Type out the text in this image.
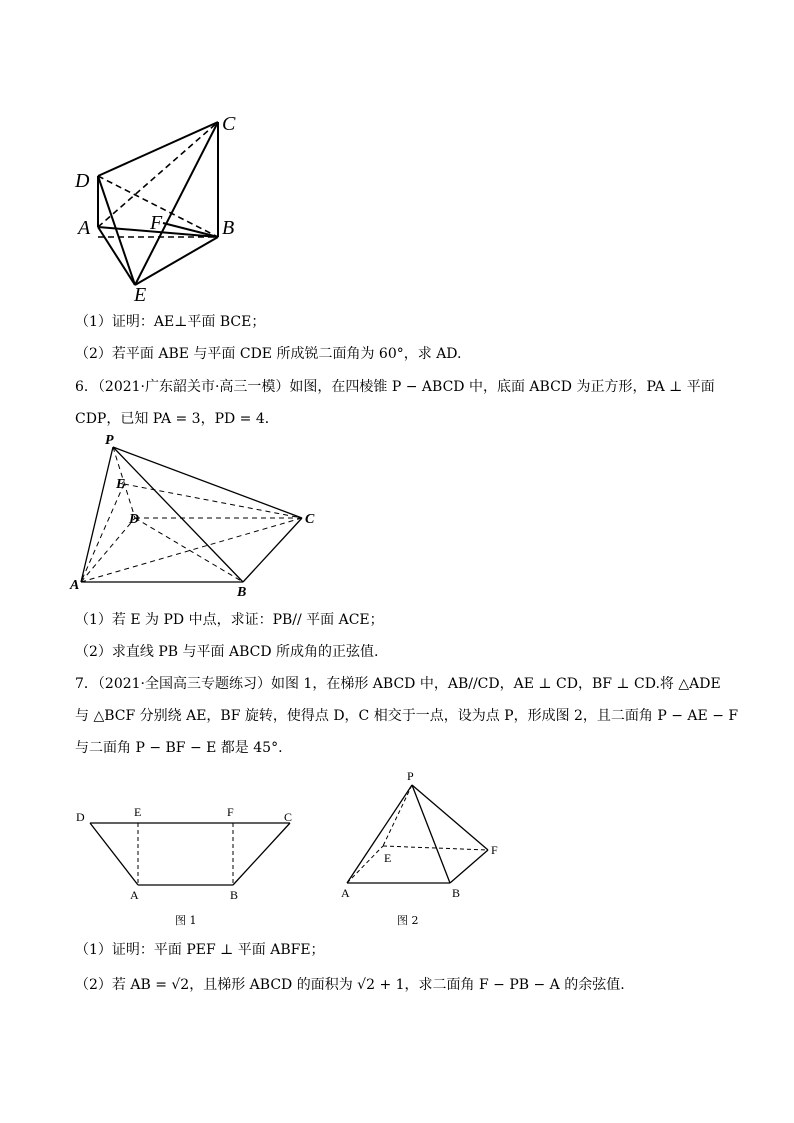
C
D
A	F	B
E
（1）证明：AE⊥平面 BCE；
（2）若平面 ABE 与平面 CDE 所成锐二面角为 60°，求 AD.
6．（2021·广东韶关市·高三一模）如图，在四棱锥 P − ABCD 中，底面 ABCD 为正方形，PA ⊥ 平面
CDP，已知 PA = 3，PD = 4．
P
E
D	C
A	B
（1）若 E 为 PD 中点，求证：PB// 平面 ACE；
（2）求直线 PB 与平面 ABCD 所成角的正弦值.
7．（2021·全国高三专题练习）如图 1，在梯形 ABCD 中，AB//CD，AE ⊥ CD，BF ⊥ CD.将 △ADE
与 △BCF 分别绕 AE，BF 旋转，使得点 D，C 相交于一点，设为点 P，形成图 2，且二面角 P − AE − F
与二面角 P − BF − E 都是 45°.
D	E	F	C
A	B
图 1
P
E
F
A	B
图 2
（1）证明：平面 PEF ⊥ 平面 ABFE；
（2）若 AB = √2，且梯形 ABCD 的面积为 √2 + 1，求二面角 F − PB − A 的余弦值.
